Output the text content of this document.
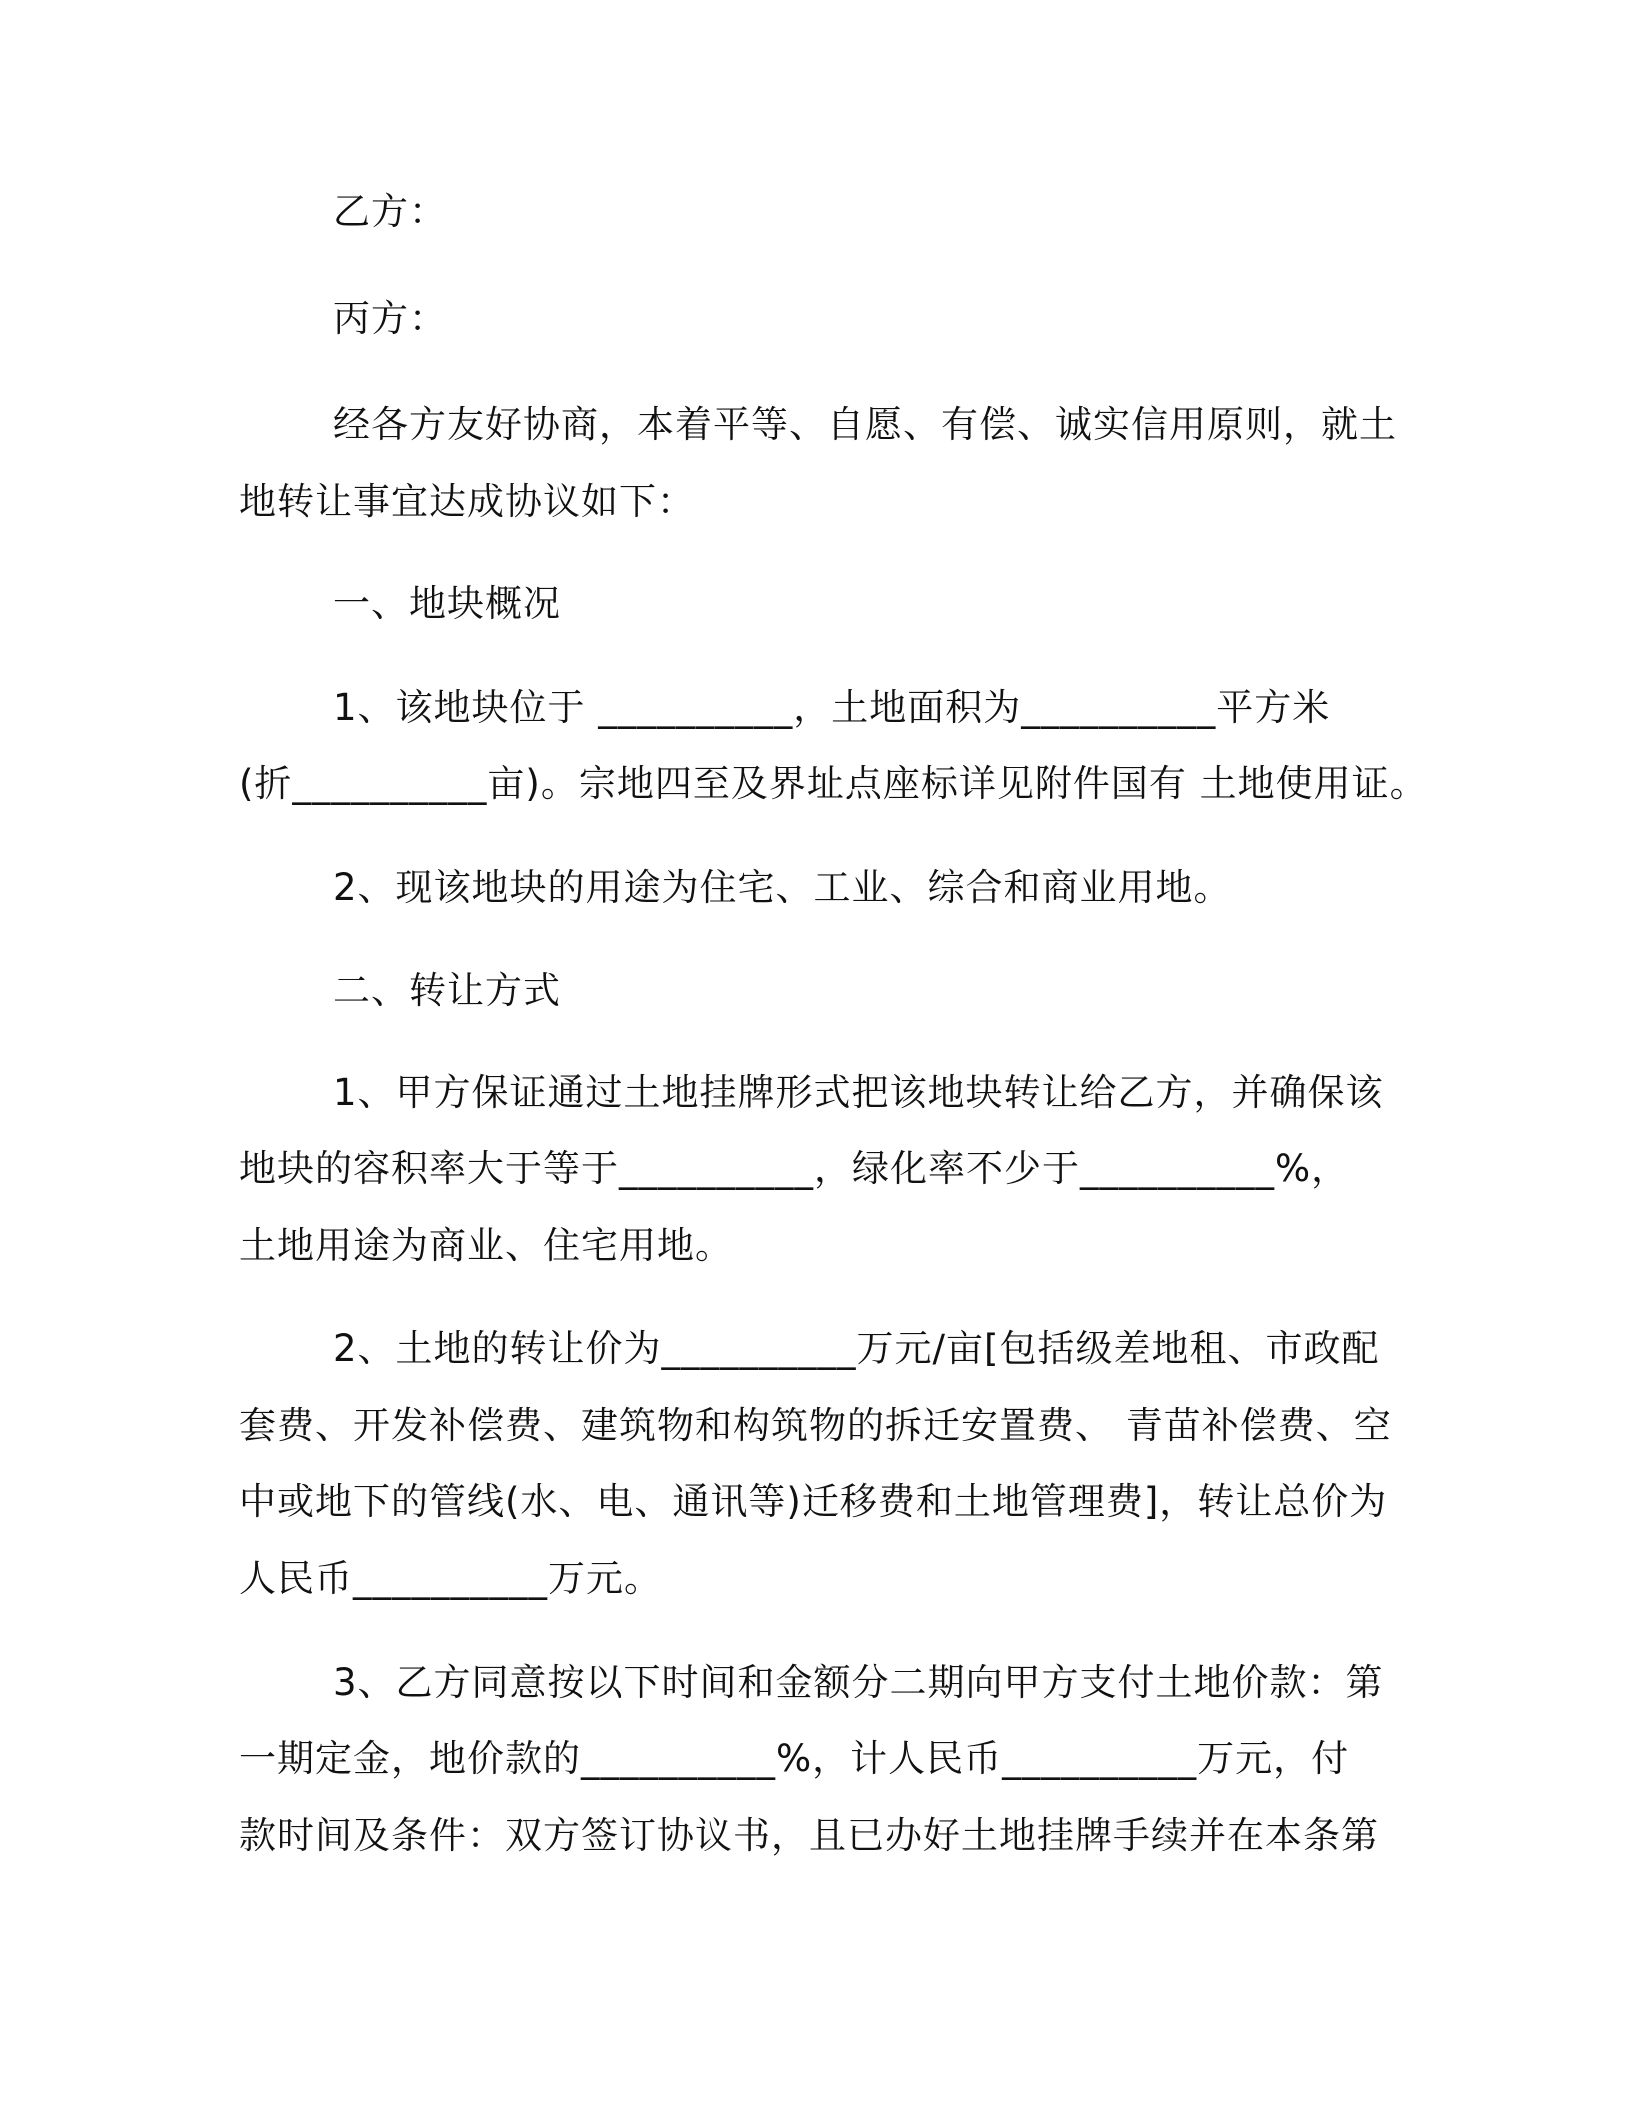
乙方：
丙方：
经各方友好协商，本着平等、自愿、有偿、诚实信用原则，就土
地转让事宜达成协议如下：
一、地块概况
1、该地块位于 __________，土地面积为__________平方米
(折__________亩)。宗地四至及界址点座标详见附件国有 土地使用证。
2、现该地块的用途为住宅、工业、综合和商业用地。
二、转让方式
1、甲方保证通过土地挂牌形式把该地块转让给乙方，并确保该
地块的容积率大于等于__________，绿化率不少于__________%，
土地用途为商业、住宅用地。
2、土地的转让价为__________万元/亩[包括级差地租、市政配
套费、开发补偿费、建筑物和构筑物的拆迁安置费、 青苗补偿费、空
中或地下的管线(水、电、通讯等)迁移费和土地管理费]，转让总价为
人民币__________万元。
3、乙方同意按以下时间和金额分二期向甲方支付土地价款：第
一期定金，地价款的__________%，计人民币__________万元，付
款时间及条件：双方签订协议书，且已办好土地挂牌手续并在本条第
